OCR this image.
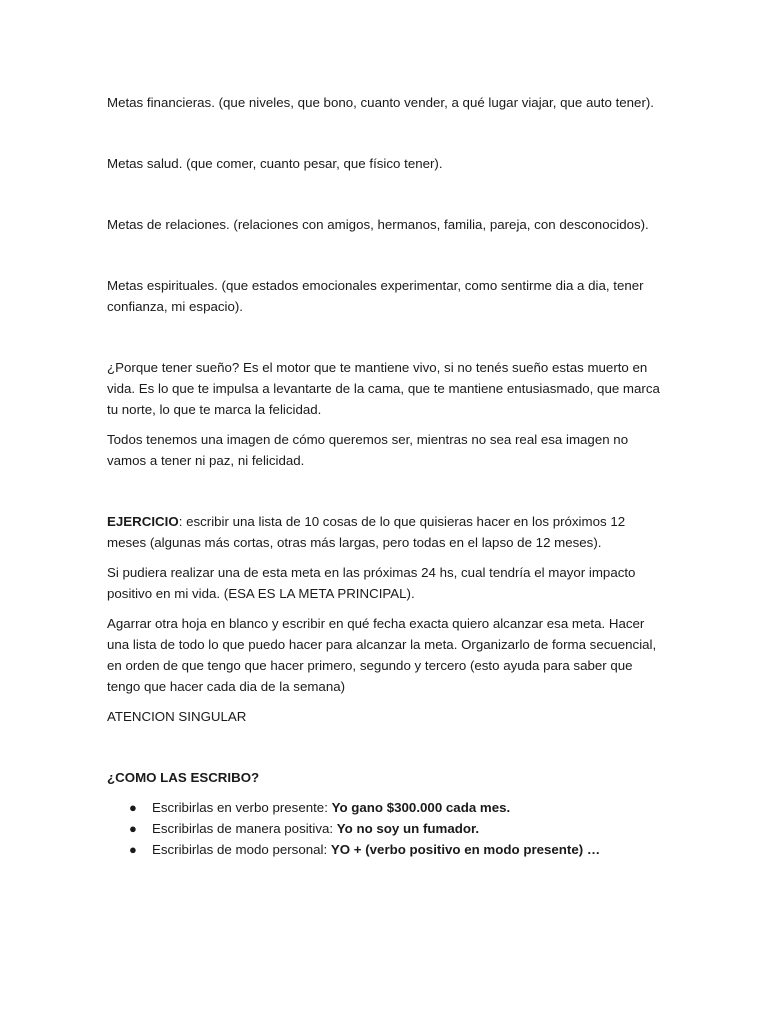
Metas financieras. (que niveles, que bono, cuanto vender, a qué lugar viajar, que auto tener).

Metas salud. (que comer, cuanto pesar, que físico tener).

Metas de relaciones. (relaciones con amigos, hermanos, familia, pareja, con desconocidos).

Metas espirituales. (que estados emocionales experimentar, como sentirme dia a dia, tener confianza, mi espacio).

¿Porque tener sueño? Es el motor que te mantiene vivo, si no tenés sueño estas muerto en vida. Es lo que te impulsa a levantarte de la cama, que te mantiene entusiasmado, que marca tu norte, lo que te marca la felicidad.

Todos tenemos una imagen de cómo queremos ser, mientras no sea real esa imagen no vamos a tener ni paz, ni felicidad.

EJERCICIO: escribir una lista de 10 cosas de lo que quisieras hacer en los próximos 12 meses (algunas más cortas, otras más largas, pero todas en el lapso de 12 meses).

Si pudiera realizar una de esta meta en las próximas 24 hs, cual tendría el mayor impacto positivo en mi vida. (ESA ES LA META PRINCIPAL).

Agarrar otra hoja en blanco y escribir en qué fecha exacta quiero alcanzar esa meta. Hacer una lista de todo lo que puedo hacer para alcanzar la meta. Organizarlo de forma secuencial, en orden de que tengo que hacer primero, segundo y tercero (esto ayuda para saber que tengo que hacer cada dia de la semana)

ATENCION SINGULAR

¿COMO LAS ESCRIBO?

● Escribirlas en verbo presente: Yo gano $300.000 cada mes.
● Escribirlas de manera positiva: Yo no soy un fumador.
● Escribirlas de modo personal: YO + (verbo positivo en modo presente) …
